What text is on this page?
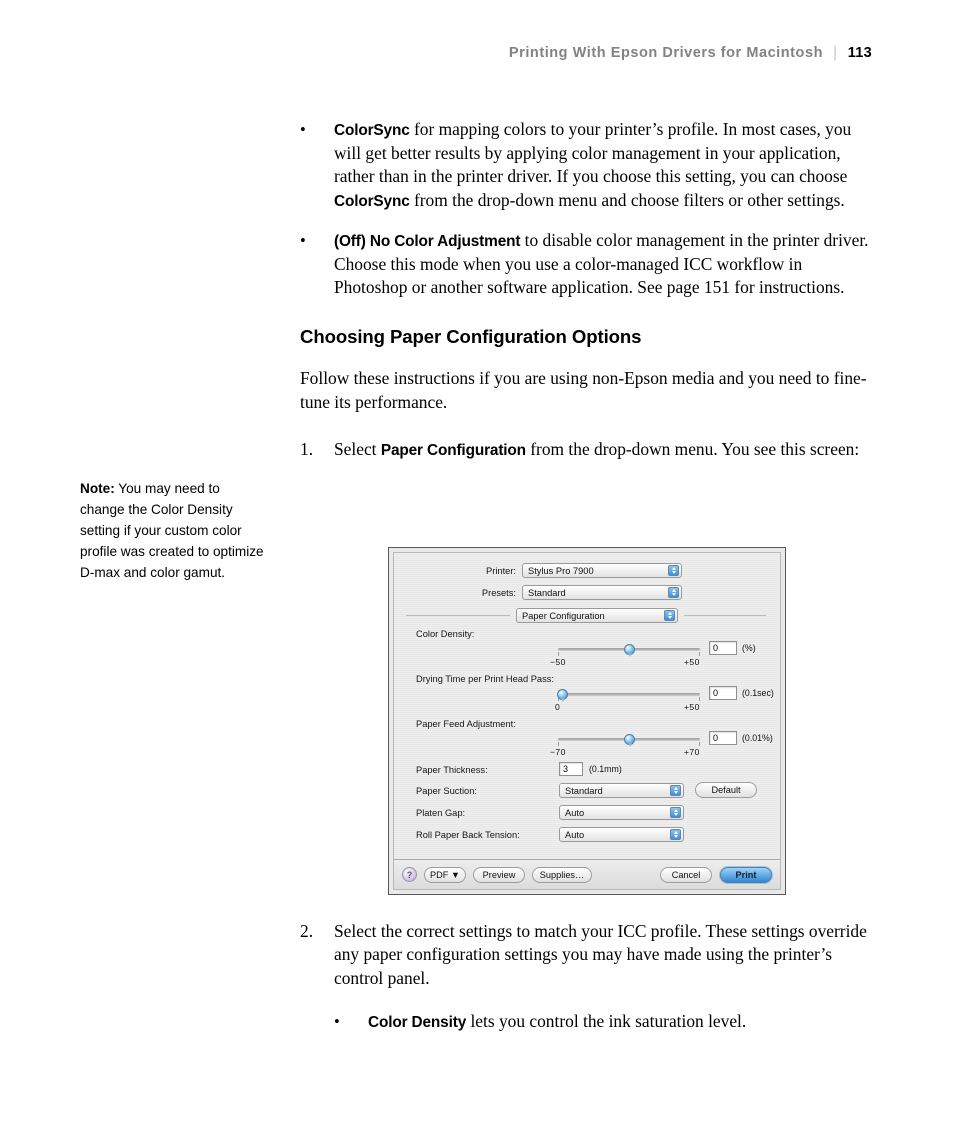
Printing With Epson Drivers for Macintosh | 113
Note: You may need to change the Color Density setting if your custom color profile was created to optimize D-max and color gamut.
•	ColorSync for mapping colors to your printer’s profile. In most cases, you will get better results by applying color management in your application, rather than in the printer driver. If you choose this setting, you can choose ColorSync from the drop-down menu and choose filters or other settings.
•	(Off) No Color Adjustment to disable color management in the printer driver. Choose this mode when you use a color-managed ICC workflow in Photoshop or another software application. See page 151 for instructions.
Choosing Paper Configuration Options

Follow these instructions if you are using non-Epson media and you need to fine-tune its performance.

1.	Select Paper Configuration from the drop-down menu. You see this screen:
Printer: Stylus Pro 7900
Presets: Standard
Paper Configuration
Color Density:
−50	+50
0	(%)
Drying Time per Print Head Pass:
0	+50
0	(0.1sec)
Paper Feed Adjustment:
−70	+70
0	(0.01%)
Paper Thickness:	3 (0.1mm)
Paper Suction:	Standard	Default
Platen Gap:	Auto
Roll Paper Back Tension:	Auto
?	PDF ▼	Preview	Supplies…	Cancel	Print
2.	Select the correct settings to match your ICC profile. These settings override any paper configuration settings you may have made using the printer’s control panel.
•	Color Density lets you control the ink saturation level.
